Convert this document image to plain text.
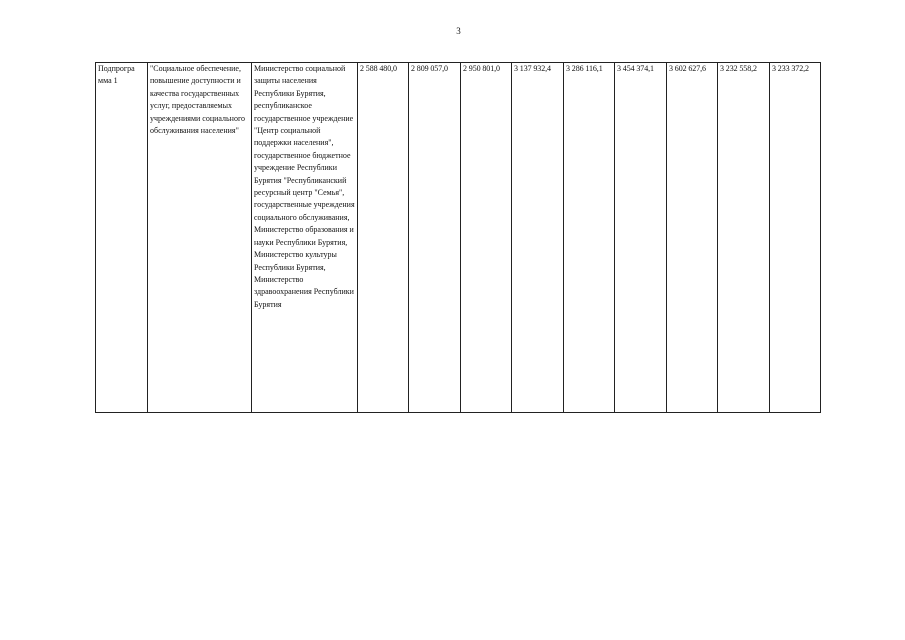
3
Подпрогра мма 1	"Социальное обеспечение, повышение доступности и качества государственных услуг, предоставляемых учреждениями социального обслуживания населения"	Министерство социальной защиты населения Республики Бурятия, республиканское государственное учреждение "Центр социальной поддержки населения", государственное бюджетное учреждение Республики Бурятия "Республиканский ресурсный центр "Семья", государственные учреждения социального обслуживания, Министерство образования и науки Республики Бурятия, Министерство культуры Республики Бурятия, Министерство здравоохранения Республики Бурятия	2 588 480,0	2 809 057,0	2 950 801,0	3 137 932,4	3 286 116,1	3 454 374,1	3 602 627,6	3 232 558,2	3 233 372,2
